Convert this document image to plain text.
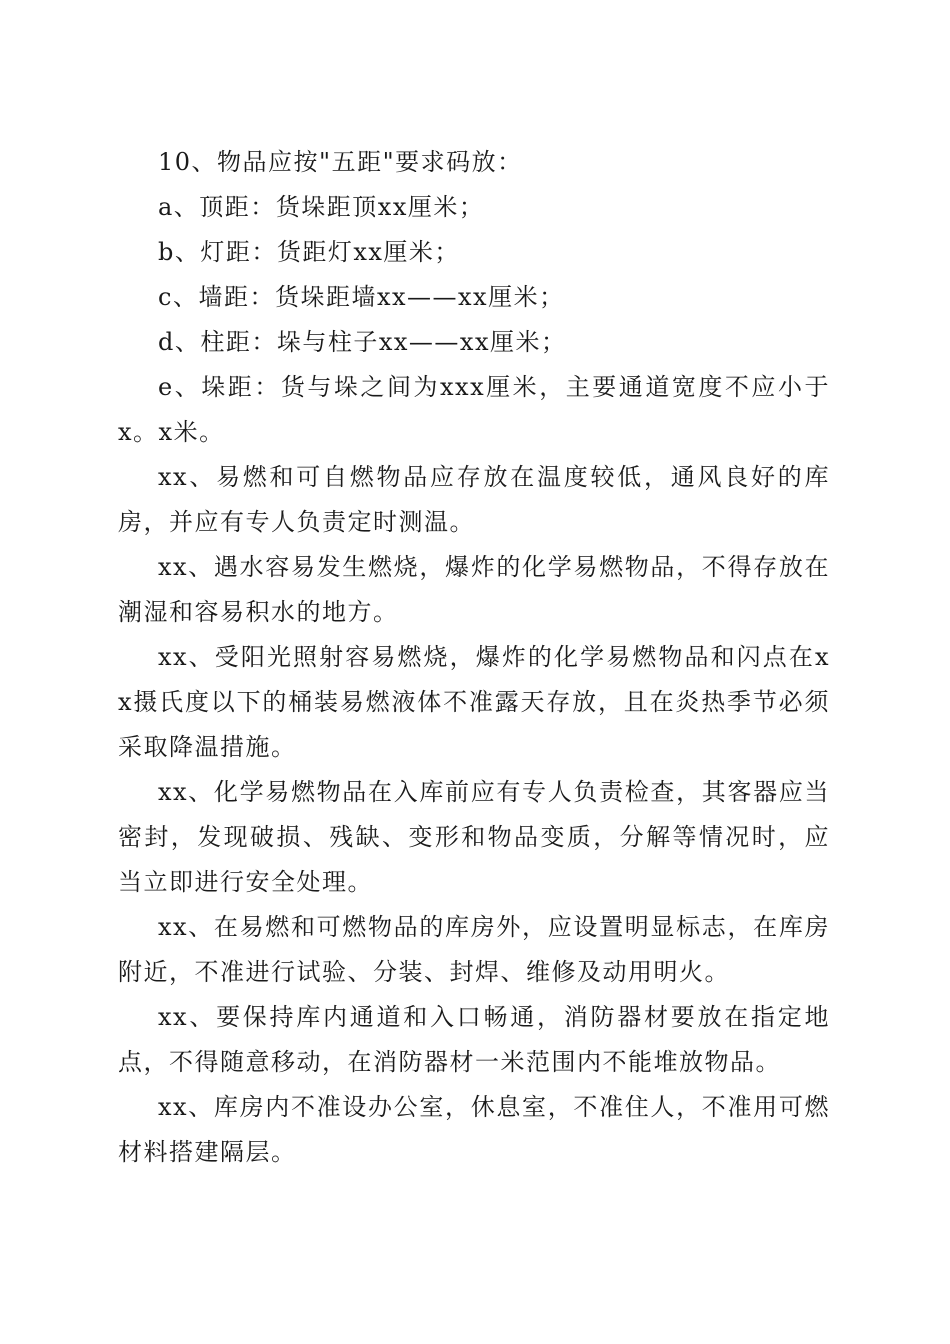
10、物品应按"五距"要求码放：

a、顶距：货垛距顶xx厘米；

b、灯距：货距灯xx厘米；

c、墙距：货垛距墙xx——xx厘米；

d、柱距：垛与柱子xx——xx厘米；

e、垛距：货与垛之间为xxx厘米，主要通道宽度不应小于x。x米。

xx、易燃和可自燃物品应存放在温度较低，通风良好的库房，并应有专人负责定时测温。

xx、遇水容易发生燃烧，爆炸的化学易燃物品，不得存放在潮湿和容易积水的地方。

xx、受阳光照射容易燃烧，爆炸的化学易燃物品和闪点在xx摄氏度以下的桶装易燃液体不准露天存放，且在炎热季节必须采取降温措施。

xx、化学易燃物品在入库前应有专人负责检查，其客器应当密封，发现破损、残缺、变形和物品变质，分解等情况时，应当立即进行安全处理。

xx、在易燃和可燃物品的库房外，应设置明显标志，在库房附近，不准进行试验、分装、封焊、维修及动用明火。

xx、要保持库内通道和入口畅通，消防器材要放在指定地点，不得随意移动，在消防器材一米范围内不能堆放物品。

xx、库房内不准设办公室，休息室，不准住人，不准用可燃材料搭建隔层。
